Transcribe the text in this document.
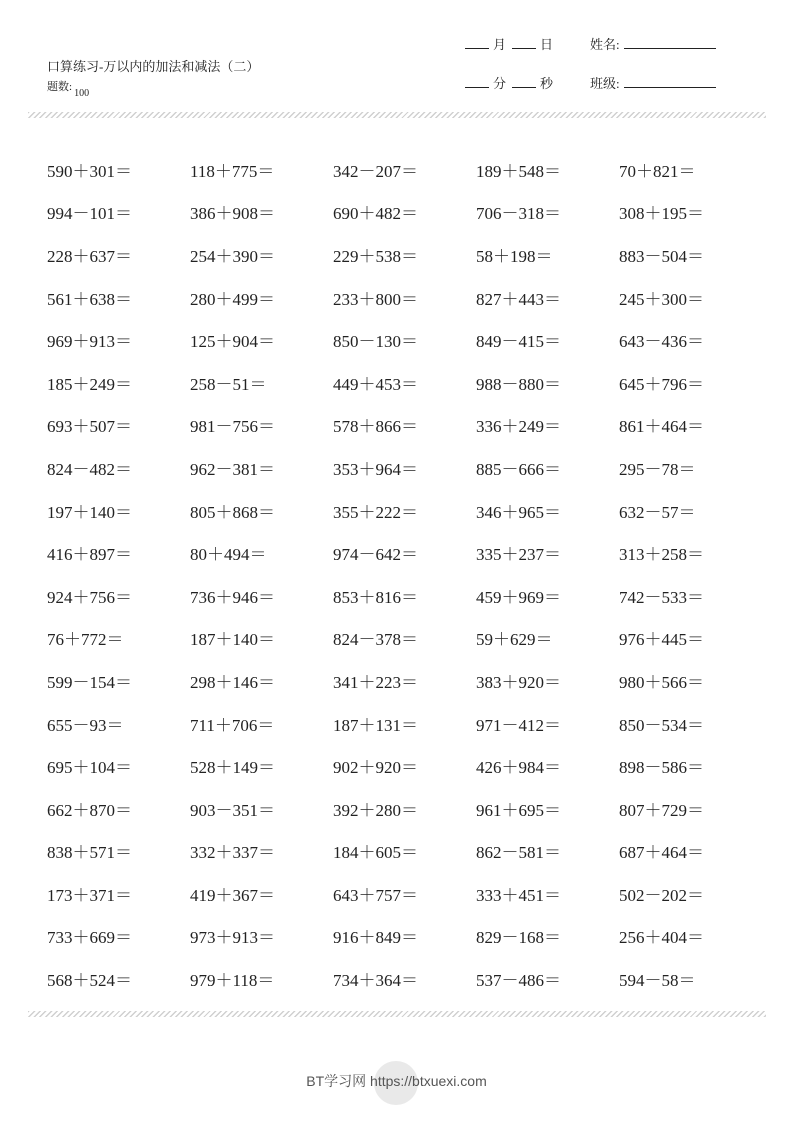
口算练习-万以内的加法和减法（二）
题数:100
月	日	姓名:
分	秒	班级:
590＋301＝	118＋775＝	342－207＝	189＋548＝	70＋821＝
994－101＝	386＋908＝	690＋482＝	706－318＝	308＋195＝
228＋637＝	254＋390＝	229＋538＝	58＋198＝	883－504＝
561＋638＝	280＋499＝	233＋800＝	827＋443＝	245＋300＝
969＋913＝	125＋904＝	850－130＝	849－415＝	643－436＝
185＋249＝	258－51＝	449＋453＝	988－880＝	645＋796＝
693＋507＝	981－756＝	578＋866＝	336＋249＝	861＋464＝
824－482＝	962－381＝	353＋964＝	885－666＝	295－78＝
197＋140＝	805＋868＝	355＋222＝	346＋965＝	632－57＝
416＋897＝	80＋494＝	974－642＝	335＋237＝	313＋258＝
924＋756＝	736＋946＝	853＋816＝	459＋969＝	742－533＝
76＋772＝	187＋140＝	824－378＝	59＋629＝	976＋445＝
599－154＝	298＋146＝	341＋223＝	383＋920＝	980＋566＝
655－93＝	711＋706＝	187＋131＝	971－412＝	850－534＝
695＋104＝	528＋149＝	902＋920＝	426＋984＝	898－586＝
662＋870＝	903－351＝	392＋280＝	961＋695＝	807＋729＝
838＋571＝	332＋337＝	184＋605＝	862－581＝	687＋464＝
173＋371＝	419＋367＝	643＋757＝	333＋451＝	502－202＝
733＋669＝	973＋913＝	916＋849＝	829－168＝	256＋404＝
568＋524＝	979＋118＝	734＋364＝	537－486＝	594－58＝
BT学习网 https://btxuexi.com
